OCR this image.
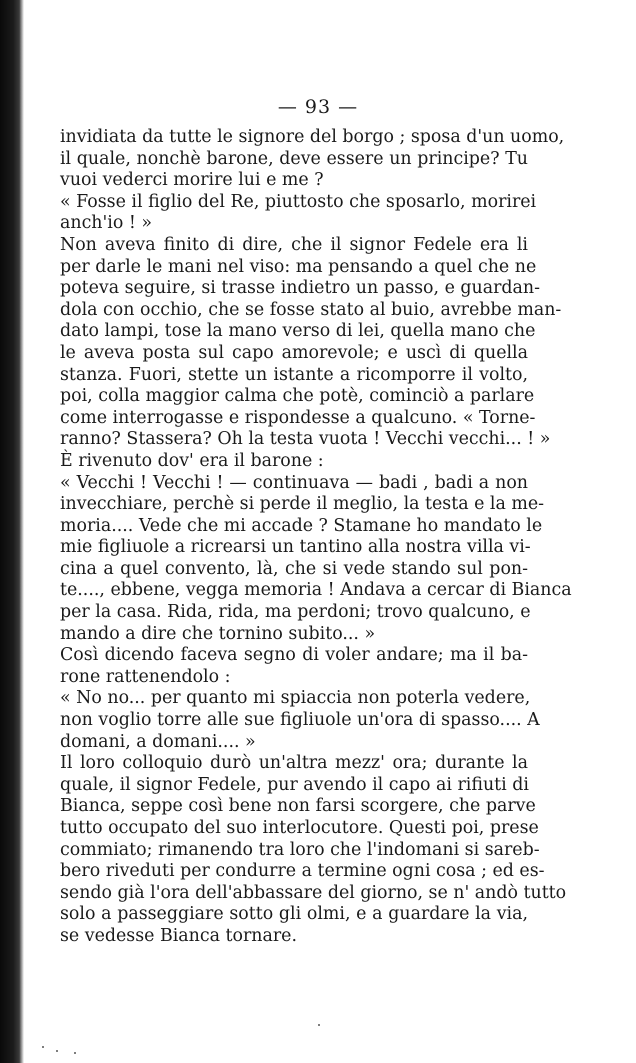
— 93 —
invidiata da tutte le signore del borgo ; sposa d'un uomo,
il quale, nonchè barone, deve essere un principe? Tu
vuoi vederci morire lui e me ?
« Fosse il figlio del Re, piuttosto che sposarlo, morirei
anch'io ! »
Non aveva finito di dire, che il signor Fedele era li
per darle le mani nel viso: ma pensando a quel che ne
poteva seguire, si trasse indietro un passo, e guardan-
dola con occhio, che se fosse stato al buio, avrebbe man-
dato lampi, tose la mano verso di lei, quella mano che
le aveva posta sul capo amorevole; e uscì di quella
stanza. Fuori, stette un istante a ricomporre il volto,
poi, colla maggior calma che potè, cominciò a parlare
come interrogasse e rispondesse a qualcuno. « Torne-
ranno? Stassera? Oh la testa vuota ! Vecchi vecchi... ! »
È rivenuto dov' era il barone :
« Vecchi ! Vecchi ! — continuava — badi , badi a non
invecchiare, perchè si perde il meglio, la testa e la me-
moria.... Vede che mi accade ? Stamane ho mandato le
mie figliuole a ricrearsi un tantino alla nostra villa vi-
cina a quel convento, là, che si vede stando sul pon-
te...., ebbene, vegga memoria ! Andava a cercar di Bianca
per la casa. Rida, rida, ma perdoni; trovo qualcuno, e
mando a dire che tornino subito... »
Così dicendo faceva segno di voler andare; ma il ba-
rone rattenendolo :
« No no... per quanto mi spiaccia non poterla vedere,
non voglio torre alle sue figliuole un'ora di spasso.... A
domani, a domani.... »
Il loro colloquio durò un'altra mezz' ora; durante la
quale, il signor Fedele, pur avendo il capo ai rifiuti di
Bianca, seppe così bene non farsi scorgere, che parve
tutto occupato del suo interlocutore. Questi poi, prese
commiato; rimanendo tra loro che l'indomani si sareb-
bero riveduti per condurre a termine ogni cosa ; ed es-
sendo già l'ora dell'abbassare del giorno, se n' andò tutto
solo a passeggiare sotto gli olmi, e a guardare la via,
se vedesse Bianca tornare.
